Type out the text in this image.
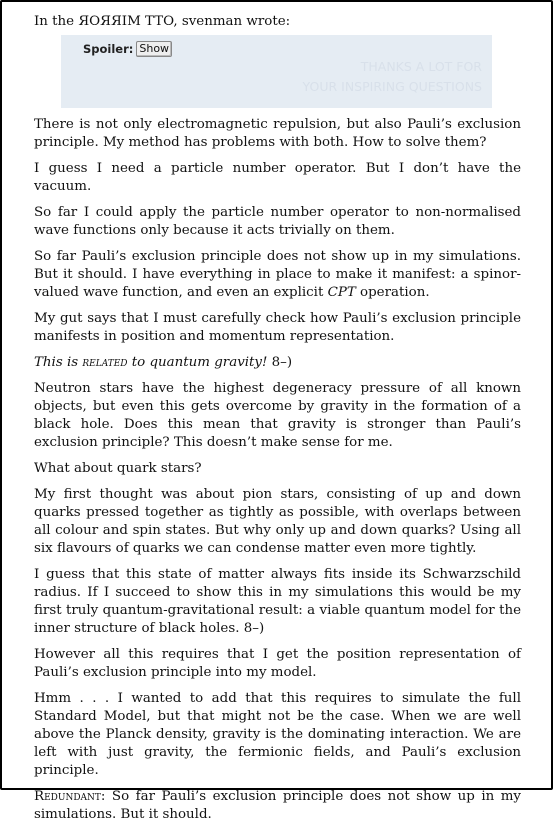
In the ЯOЯЯIM TTO, svenman wrote:

Spoiler: Show
THANKS A LOT FOR
YOUR INSPIRING QUESTIONS

There is not only electromagnetic repulsion, but also Pauli’s exclusion principle. My method has problems with both. How to solve them?

I guess I need a particle number operator. But I don’t have the vacuum.

So far I could apply the particle number operator to non-normalised wave functions only because it acts trivially on them.

So far Pauli’s exclusion principle does not show up in my simulations. But it should. I have everything in place to make it manifest: a spinor-valued wave function, and even an explicit CPT operation.

My gut says that I must carefully check how Pauli’s exclusion principle manifests in position and momentum representation.

This is related to quantum gravity! 8–)

Neutron stars have the highest degeneracy pressure of all known objects, but even this gets overcome by gravity in the formation of a black hole. Does this mean that gravity is stronger than Pauli’s exclusion principle? This doesn’t make sense for me.

What about quark stars?

My first thought was about pion stars, consisting of up and down quarks pressed together as tightly as possible, with overlaps between all colour and spin states. But why only up and down quarks? Using all six flavours of quarks we can condense matter even more tightly.

I guess that this state of matter always fits inside its Schwarzschild radius. If I succeed to show this in my simulations this would be my first truly quantum-gravitational result: a viable quantum model for the inner structure of black holes. 8–)

However all this requires that I get the position representation of Pauli’s exclusion principle into my model.

Hmm . . . I wanted to add that this requires to simulate the full Standard Model, but that might not be the case. When we are well above the Planck density, gravity is the dominating interaction. We are left with just gravity, the fermionic fields, and Pauli’s exclusion principle.

Redundant: So far Pauli’s exclusion principle does not show up in my simulations. But it should.
